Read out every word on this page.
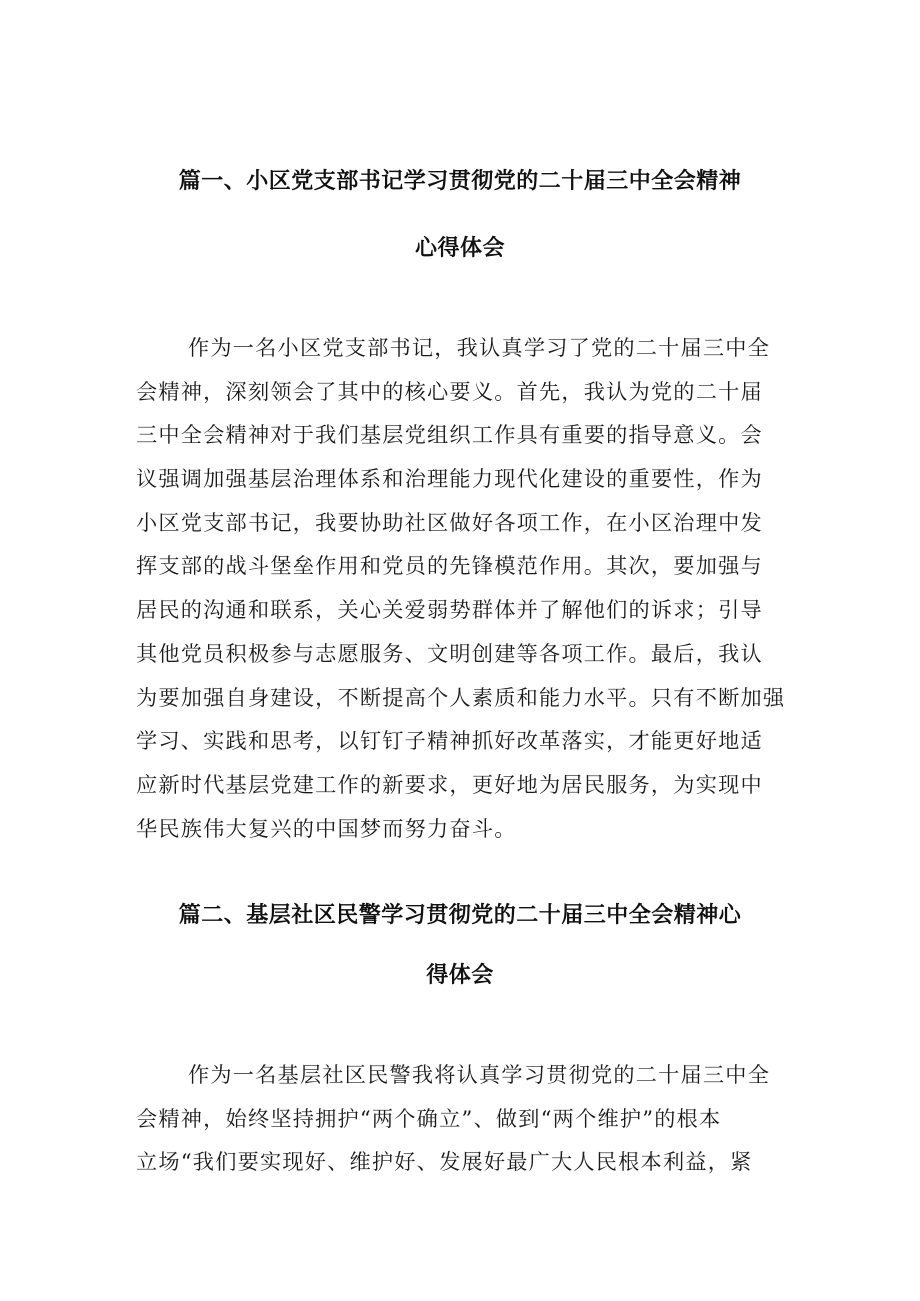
篇一、小区党支部书记学习贯彻党的二十届三中全会精神
心得体会
作为一名小区党支部书记，我认真学习了党的二十届三中全
会精神，深刻领会了其中的核心要义。首先，我认为党的二十届
三中全会精神对于我们基层党组织工作具有重要的指导意义。会
议强调加强基层治理体系和治理能力现代化建设的重要性，作为
小区党支部书记，我要协助社区做好各项工作，在小区治理中发
挥支部的战斗堡垒作用和党员的先锋模范作用。其次，要加强与
居民的沟通和联系，关心关爱弱势群体并了解他们的诉求；引导
其他党员积极参与志愿服务、文明创建等各项工作。最后，我认
为要加强自身建设，不断提高个人素质和能力水平。只有不断加强
学习、实践和思考，以钉钉子精神抓好改革落实，才能更好地适
应新时代基层党建工作的新要求，更好地为居民服务，为实现中
华民族伟大复兴的中国梦而努力奋斗。
篇二、基层社区民警学习贯彻党的二十届三中全会精神心
得体会
作为一名基层社区民警我将认真学习贯彻党的二十届三中全
会精神，始终坚持拥护“两个确立”、做到“两个维护”的根本
立场“我们要实现好、维护好、发展好最广大人民根本利益，紧
